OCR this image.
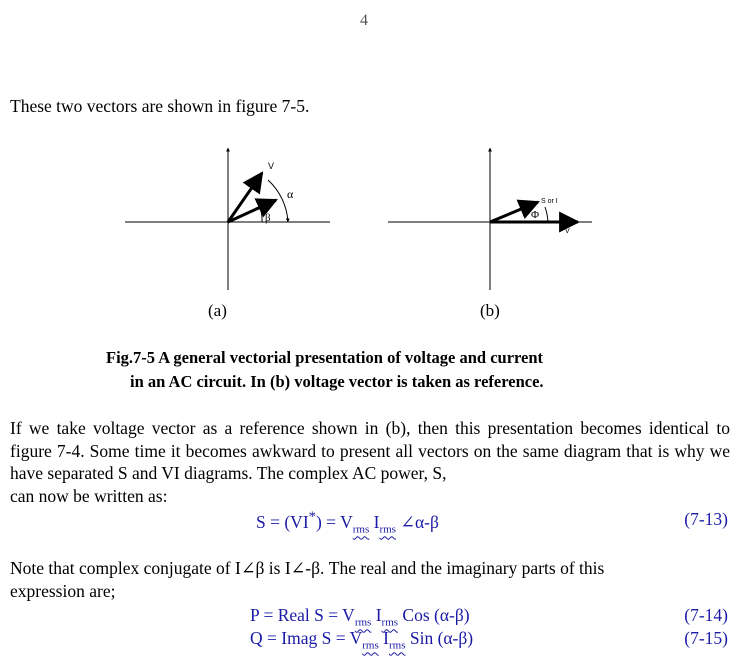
4
These two vectors are shown in figure 7-5.
V
α
β
S or I
Φ
V
(a)	(b)
Fig.7-5 A general vectorial presentation of voltage and current
in an AC circuit. In (b) voltage vector is taken as reference.
If we take voltage vector as a reference shown in (b), then this presentation becomes identical to figure 7-4. Some time it becomes awkward to present all vectors on the same diagram that is why we have separated S and VI diagrams. The complex AC power, S,
can now be written as:
$S = (VI^*) = V_{rms}$ $I_{rms}$ ∠α-β	(7-13)
Note that complex conjugate of I∠β is I∠-β. The real and the imaginary parts of this
expression are;
P = Real $S = V_{rms}$ $I_{rms}$ Cos (α-β)	(7-14)
Q = Imag $S = V_{rms}$ $I_{rms}$ Sin (α-β)	(7-15)
